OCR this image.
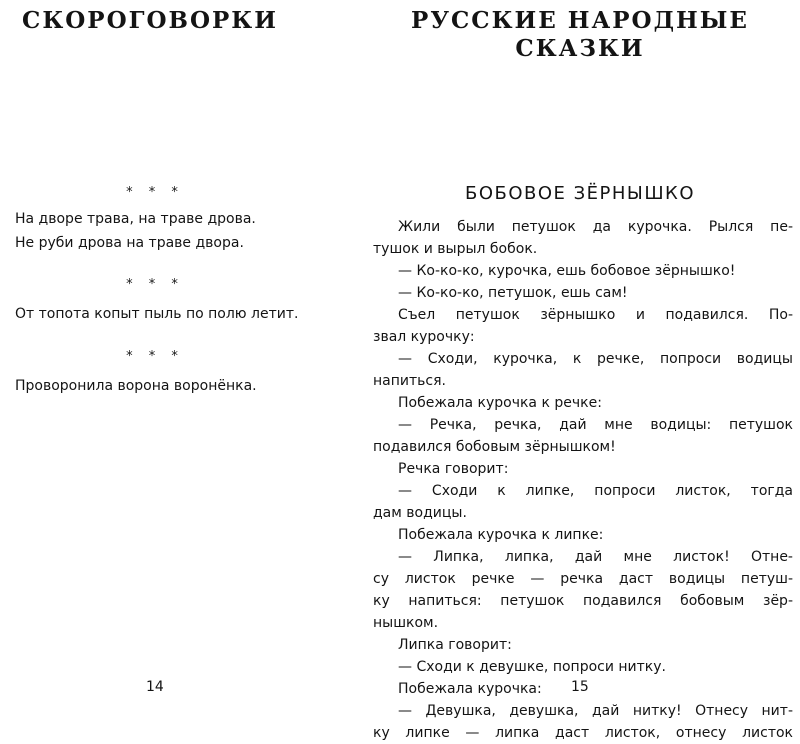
СКОРОГОВОРКИ
* * *

На дворе трава, на траве дрова.
Не руби дрова на траве двора.

* * *

От топота копыт пыль по полю летит.

* * *

Проворонила ворона воронёнка.

14
РУССКИЕ НАРОДНЫЕ
СКАЗКИ
БОБОВОЕ ЗЁРНЫШКО
Жили были петушок да курочка. Рылся пе-
тушок и вырыл бобок.
— Ко-ко-ко, курочка, ешь бобовое зёрнышко!
— Ко-ко-ко, петушок, ешь сам!
Съел петушок зёрнышко и подавился. По-
звал курочку:
— Сходи, курочка, к речке, попроси водицы
напиться.
Побежала курочка к речке:
— Речка, речка, дай мне водицы: петушок
подавился бобовым зёрнышком!
Речка говорит:
— Сходи к липке, попроси листок, тогда
дам водицы.
Побежала курочка к липке:
— Липка, липка, дай мне листок! Отне-
су листок речке — речка даст водицы петуш-
ку напиться: петушок подавился бобовым зёр-
нышком.
Липка говорит:
— Сходи к девушке, попроси нитку.
Побежала курочка:
— Девушка, девушка, дай нитку! Отнесу нит-
ку липке — липка даст листок, отнесу листок
15
